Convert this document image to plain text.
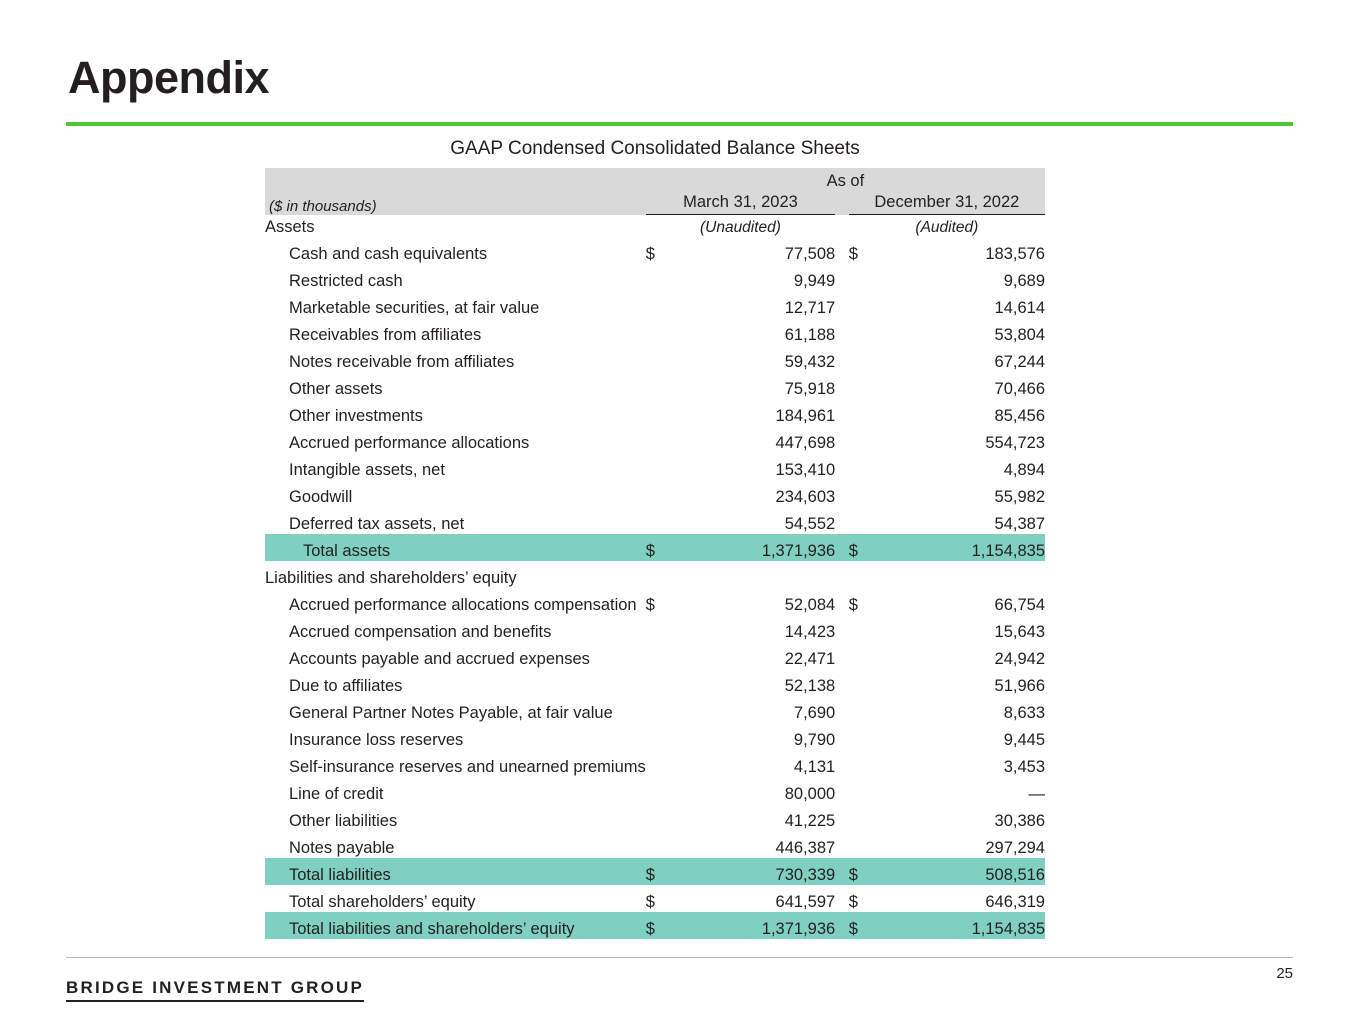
Appendix
GAAP Condensed Consolidated Balance Sheets
	As of				
($ in thousands)	March 31, 2023			December 31, 2022	
Assets	(Unaudited)			(Audited)	
Cash and cash equivalents	$	77,508		$	183,576
Restricted cash		9,949			9,689
Marketable securities, at fair value		12,717			14,614
Receivables from affiliates		61,188			53,804
Notes receivable from affiliates		59,432			67,244
Other assets		75,918			70,466
Other investments		184,961			85,456
Accrued performance allocations		447,698			554,723
Intangible assets, net		153,410			4,894
Goodwill		234,603			55,982
Deferred tax assets, net		54,552			54,387
Total assets	$	1,371,936		$	1,154,835
Liabilities and shareholders’ equity					
Accrued performance allocations compensation	$	52,084		$	66,754
Accrued compensation and benefits		14,423			15,643
Accounts payable and accrued expenses		22,471			24,942
Due to affiliates		52,138			51,966
General Partner Notes Payable, at fair value		7,690			8,633
Insurance loss reserves		9,790			9,445
Self-insurance reserves and unearned premiums		4,131			3,453
Line of credit		80,000			—
Other liabilities		41,225			30,386
Notes payable		446,387			297,294
Total liabilities	$	730,339		$	508,516
Total shareholders’ equity	$	641,597		$	646,319
Total liabilities and shareholders’ equity	$	1,371,936		$	1,154,835
BRIDGE INVESTMENT GROUP
25
